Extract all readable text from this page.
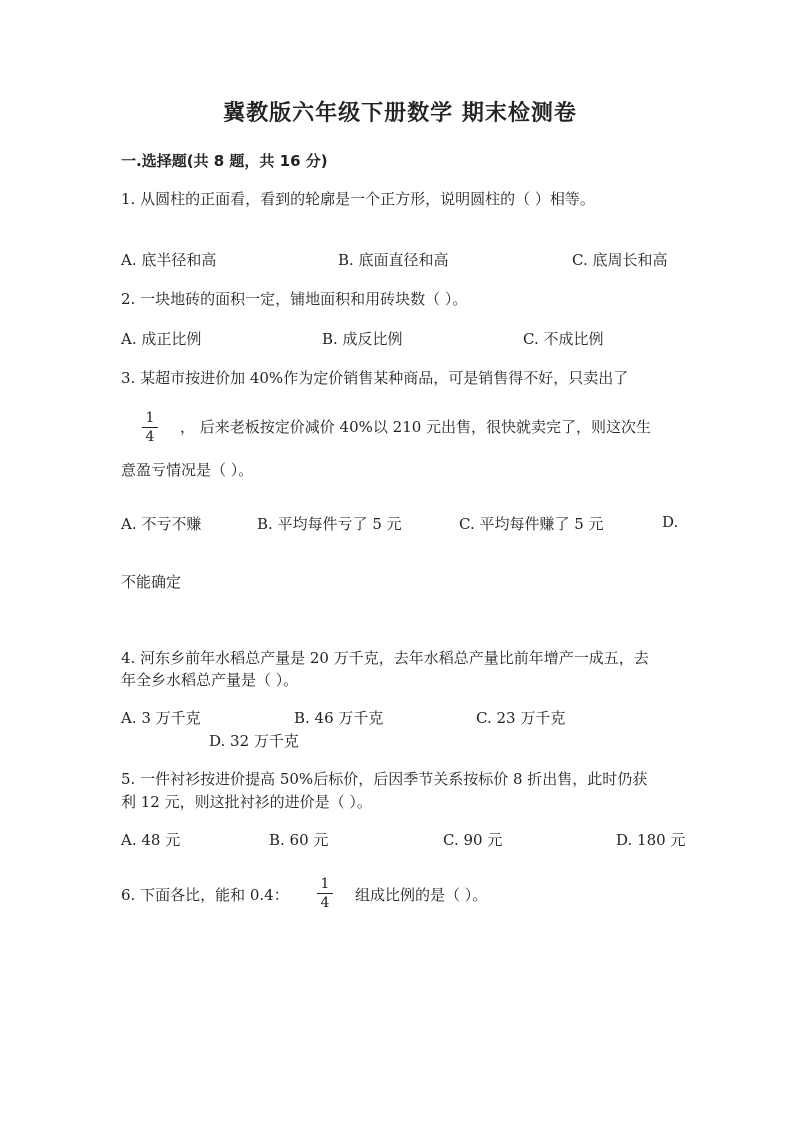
冀教版六年级下册数学 期末检测卷
一.选择题(共 8 题，共 16 分)
1. 从圆柱的正面看，看到的轮廓是一个正方形，说明圆柱的（ ）相等。
A. 底半径和高	B. 底面直径和高	C. 底周长和高
2. 一块地砖的面积一定，铺地面积和用砖块数（ ）。
A. 成正比例	B. 成反比例	C. 不成比例
3. 某超市按进价加 40%作为定价销售某种商品，可是销售得不好，只卖出了
1
4
， 后来老板按定价减价 40%以 210 元出售，很快就卖完了，则这次生
意盈亏情况是（ ）。
A. 不亏不赚	B. 平均每件亏了 5 元	C. 平均每件赚了 5 元	D.
不能确定
4. 河东乡前年水稻总产量是 20 万千克，去年水稻总产量比前年增产一成五，去
年全乡水稻总产量是（ ）。
A. 3 万千克	B. 46 万千克	C. 23 万千克
D. 32 万千克
5. 一件衬衫按进价提高 50%后标价，后因季节关系按标价 8 折出售，此时仍获
利 12 元，则这批衬衫的进价是（ ）。
A. 48 元	B. 60 元	C. 90 元	D. 180 元
6. 下面各比，能和 0.4：
1
4	组成比例的是（ ）。
